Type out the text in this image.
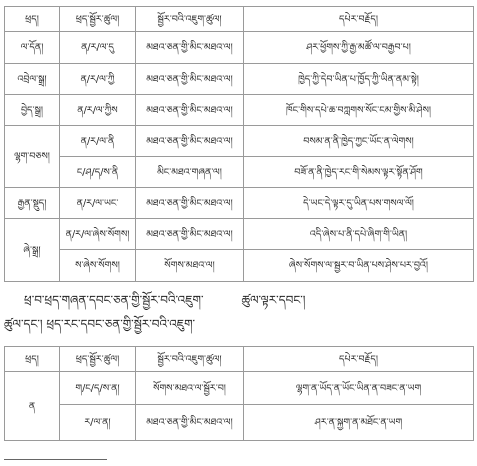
ཕྲད།	ཕྲད་སྦྱོར་ཚུལ།	སྦྱོར་བའི་འཇུག་ཚུལ།	དཔེར་བརྗོད།
ལ་དོན།	ན/ར/ལ་དུ	མཐའ་ཅན་གྱི་མིང་མཐའ་ལ།	ཤར་ཕྱོགས་ཀྱི་རྒྱ་མཚོ་ལ་བརྒྱབ་པ།
འབྲེལ་སྒྲ།	ན/ར/ལ་ཀྱི	མཐའ་ཅན་གྱི་མིང་མཐའ་ལ།	ཁྱེད་ཀྱི་དེབ་ཡིན་པ་ཁྱོད་ཀྱི་ཡིན་ནམ་སྟེ།
བྱེད་སྒྲ།	ན/ར/ལ་ཀྱིས	མཐའ་ཅན་གྱི་མིང་མཐའ་ལ།	ཁོང་གིས་དཔེ་ཆ་བཀླགས་སོང་ངམ་གྱིས་མི་ཤེས།
ལྷག་བཅས།	ན/ར/ལ་ནི	མཐའ་ཅན་གྱི་མིང་མཐའ་ལ།	བསམ་ན་ནི་ཁྱེད་ཀྱང་ཡོང་ན་ལེགས།
	ང/ཤ/ད/ས་ནི	མིང་མཐའ་གཞན་ལ།	བཟོ་ན་ནི་ཁྱེད་རང་གི་སེམས་ལྟར་སྟོན་ཤོག
རྒྱན་སྡུད།	ན/ར/ལ་ཡང་	མཐའ་ཅན་གྱི་མིང་མཐའ་ལ།	དེ་ཡང་དེ་ལྟར་དུ་ཡིན་པས་གསལ་ལོ།
ཞེ་སྒྲ།	ན/ར/ལ་ཞེས་སོགས།	མཐའ་ཅན་གྱི་མིང་མཐའ་ལ།	འདི་ཞེས་པ་ནི་དཔེ་ཞིག་གི་ཡིན།
	ས་ཞེས་སོགས།	སོགས་མཐའ་ལ།	ཞེས་སོགས་ལ་སྦྱར་བ་ཡིན་པས་ཤེས་པར་བྱའོ།
ཕྲ་བ་ཕྲད་གཞན་དབང་ཅན་གྱི་སྦྱོར་བའི་འཇུག་	ཚུལ་ལྟར་དབང་།
ཚུལ་དང་། ཕྲད་རང་དབང་ཅན་གྱི་སྦྱོར་བའི་འཇུག་
ཕྲད།	ཕྲད་སྦྱོར་ཚུལ།	སྦྱོར་བའི་འཇུག་ཚུལ།	དཔེར་བརྗོད།
ན	ག/ང/ད/ས་ན།	སོགས་མཐའ་ལ་སྦྱོར་བ།	ལྷག་ན་ཡོད་ན་ཡོང་ཡིན་ན་བཟང་ན་ཡག
	ར/ལ་ན།	མཐའ་ཅན་གྱི་མིང་མཐའ་ལ།	ཤར་ན་སྐྱག་ན་མཐོང་ན་ཡག
